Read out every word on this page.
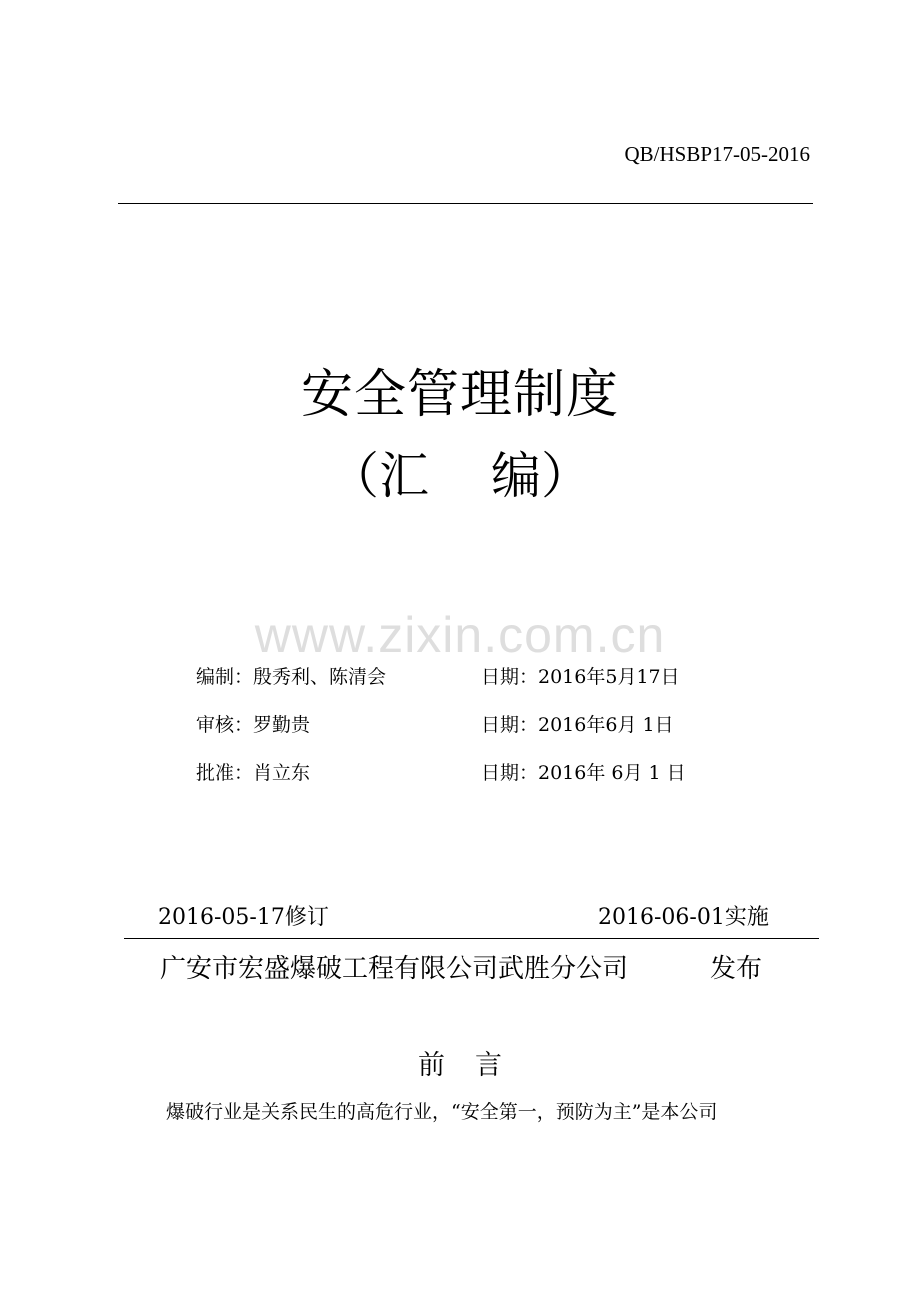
QB/HSBP17-05-2016
安全管理制度
（汇 编）
www.zixin.com.cn
编制：殷秀利、陈清会	日期：2016年5月17日
审核：罗勤贵	日期：2016年6月 1日
批准：肖立东	日期：2016年 6月 1 日
2016-05-17修订	2016-06-01实施
广安市宏盛爆破工程有限公司武胜分公司	发布
前 言
爆破行业是关系民生的高危行业，“安全第一，预防为主”是本公司
